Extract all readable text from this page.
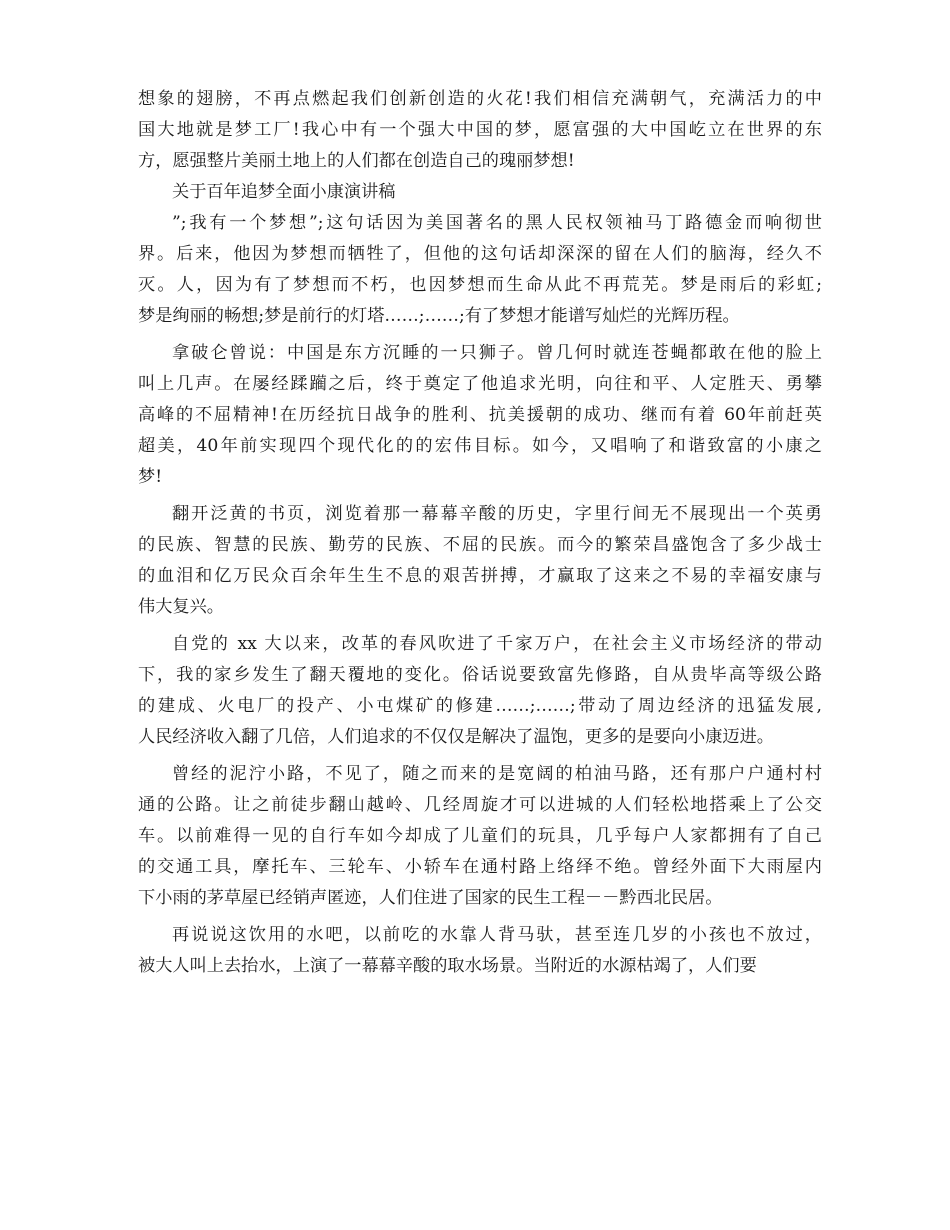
想象的翅膀，不再点燃起我们创新创造的火花!我们相信充满朝气，充满活力的中
国大地就是梦工厂!我心中有一个强大中国的梦，愿富强的大中国屹立在世界的东
方，愿强整片美丽土地上的人们都在创造自己的瑰丽梦想!
关于百年追梦全面小康演讲稿
”;我有一个梦想”;这句话因为美国著名的黑人民权领袖马丁路德金而响彻世
界。后来，他因为梦想而牺牲了，但他的这句话却深深的留在人们的脑海，经久不
灭。人，因为有了梦想而不朽，也因梦想而生命从此不再荒芜。梦是雨后的彩虹;
梦是绚丽的畅想;梦是前行的灯塔……;……;有了梦想才能谱写灿烂的光辉历程。
拿破仑曾说：中国是东方沉睡的一只狮子。曾几何时就连苍蝇都敢在他的脸上
叫上几声。在屡经蹂躏之后，终于奠定了他追求光明，向往和平、人定胜天、勇攀
高峰的不屈精神!在历经抗日战争的胜利、抗美援朝的成功、继而有着 60年前赶英
超美，40年前实现四个现代化的的宏伟目标。如今，又唱响了和谐致富的小康之
梦!
翻开泛黄的书页，浏览着那一幕幕辛酸的历史，字里行间无不展现出一个英勇
的民族、智慧的民族、勤劳的民族、不屈的民族。而今的繁荣昌盛饱含了多少战士
的血泪和亿万民众百余年生生不息的艰苦拼搏，才赢取了这来之不易的幸福安康与
伟大复兴。
自党的 xx 大以来，改革的春风吹进了千家万户，在社会主义市场经济的带动
下，我的家乡发生了翻天覆地的变化。俗话说要致富先修路，自从贵毕高等级公路
的建成、火电厂的投产、小屯煤矿的修建……;……;带动了周边经济的迅猛发展,
人民经济收入翻了几倍，人们追求的不仅仅是解决了温饱，更多的是要向小康迈进。
曾经的泥泞小路，不见了，随之而来的是宽阔的柏油马路，还有那户户通村村
通的公路。让之前徒步翻山越岭、几经周旋才可以进城的人们轻松地搭乘上了公交
车。以前难得一见的自行车如今却成了儿童们的玩具，几乎每户人家都拥有了自己
的交通工具，摩托车、三轮车、小轿车在通村路上络绎不绝。曾经外面下大雨屋内
下小雨的茅草屋已经销声匿迹，人们住进了国家的民生工程－－黔西北民居。
再说说这饮用的水吧，以前吃的水靠人背马驮，甚至连几岁的小孩也不放过，
被大人叫上去抬水，上演了一幕幕辛酸的取水场景。当附近的水源枯竭了，人们要
